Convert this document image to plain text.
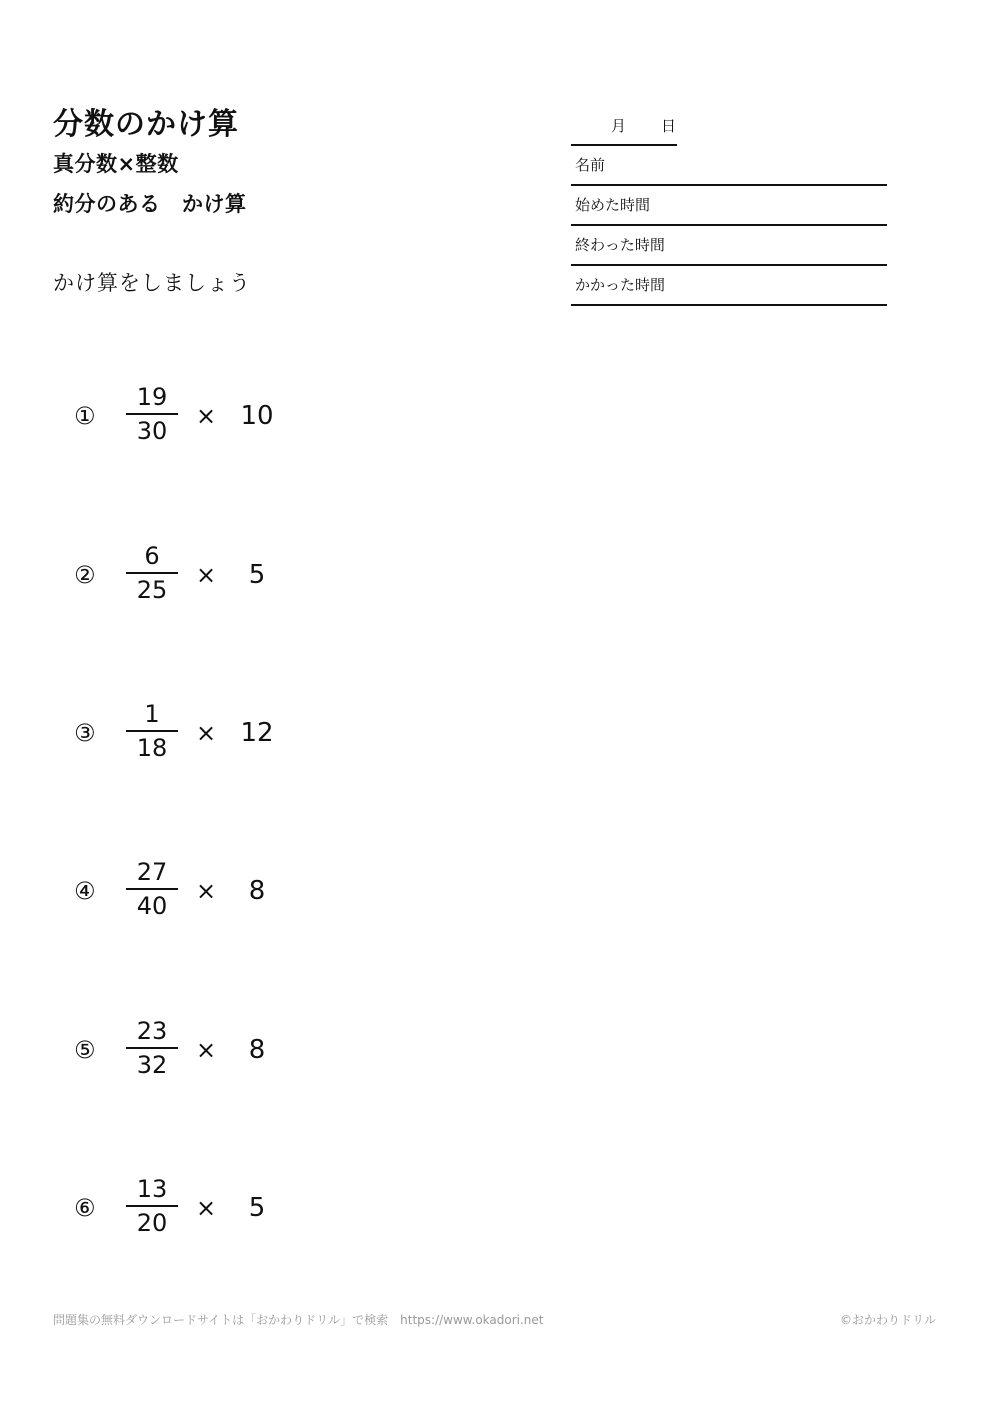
分数のかけ算
真分数×整数
約分のある　かけ算
かけ算をしましょう
月 日
名前
始めた時間
終わった時間
かかった時間
①
19
30
× 10
②
6
25
×	5
③
1
18
× 12
④
27
40
×	8
⑤
23
32
×	8
⑥
13
20
×	5
問題集の無料ダウンロードサイトは「おかわりドリル」で検索　https://www.okadori.net	©おかわりドリル
